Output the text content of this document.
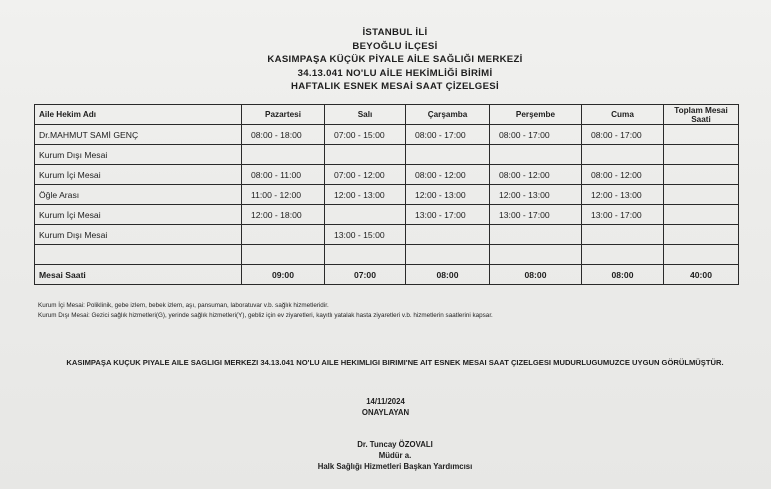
İSTANBUL İLİ
BEYOĞLU İLÇESİ
KASIMPAŞA KÜÇÜK PİYALE AİLE SAĞLIĞI MERKEZİ
34.13.041 NO'LU AİLE HEKİMLİĞİ BİRİMİ
HAFTALIK ESNEK MESAİ SAAT ÇİZELGESİ
Aile Hekim Adı	Pazartesi	Salı	Çarşamba	Perşembe	Cuma	Toplam Mesai Saati
Dr.MAHMUT SAMİ GENÇ	08:00 - 18:00	07:00 - 15:00	08:00 - 17:00	08:00 - 17:00	08:00 - 17:00	
Kurum Dışı Mesai						
Kurum İçi Mesai	08:00 - 11:00	07:00 - 12:00	08:00 - 12:00	08:00 - 12:00	08:00 - 12:00	
Öğle Arası	11:00 - 12:00	12:00 - 13:00	12:00 - 13:00	12:00 - 13:00	12:00 - 13:00	
Kurum İçi Mesai	12:00 - 18:00		13:00 - 17:00	13:00 - 17:00	13:00 - 17:00	
Kurum Dışı Mesai		13:00 - 15:00				

Mesai Saati	09:00	07:00	08:00	08:00	08:00	40:00
Kurum İçi Mesai: Poliklinik, gebe izlem, bebek izlem, aşı, pansuman, laboratuvar v.b. sağlık hizmetleridir.
Kurum Dışı Mesai: Gezici sağlık hizmetleri(G), yerinde sağlık hizmetleri(Y), gebliz için ev ziyaretleri, kayıtlı yatalak hasta ziyaretleri v.b. hizmetlerin saatlerini kapsar.
KASIMPAŞA KUÇUK PIYALE AILE SAGLIGI MERKEZI 34.13.041 NO'LU AILE HEKIMLIGI BIRIMI'NE AIT ESNEK MESAI SAAT ÇIZELGESI MUDURLUGUMUZCE UYGUN GÖRÜLMÜŞTÜR.
14/11/2024
ONAYLAYAN
Dr. Tuncay ÖZOVALI
Müdür a.
Halk Sağlığı Hizmetleri Başkan Yardımcısı
